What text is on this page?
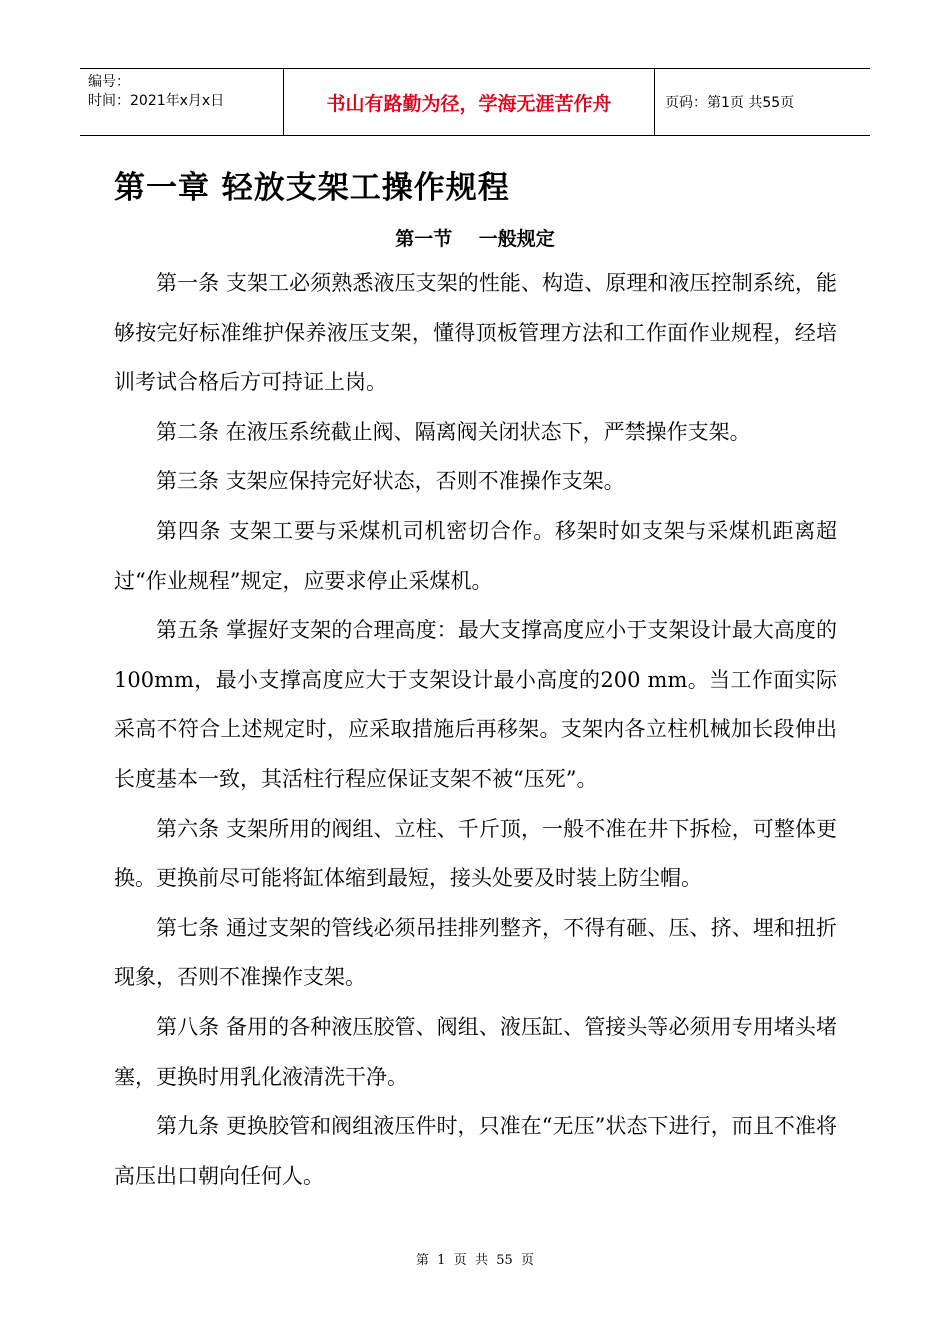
编号：
时间：2021年x月x日	书山有路勤为径，学海无涯苦作舟	页码：第1页 共55页
第一章 轻放支架工操作规程
第一节    一般规定

第一条 支架工必须熟悉液压支架的性能、构造、原理和液压控制系统，能够按完好标准维护保养液压支架，懂得顶板管理方法和工作面作业规程，经培训考试合格后方可持证上岗。

第二条 在液压系统截止阀、隔离阀关闭状态下，严禁操作支架。

第三条 支架应保持完好状态，否则不准操作支架。

第四条 支架工要与采煤机司机密切合作。移架时如支架与采煤机距离超过“作业规程”规定，应要求停止采煤机。

第五条 掌握好支架的合理高度：最大支撑高度应小于支架设计最大高度的100mm，最小支撑高度应大于支架设计最小高度的200 mm。当工作面实际采高不符合上述规定时，应采取措施后再移架。支架内各立柱机械加长段伸出长度基本一致，其活柱行程应保证支架不被“压死”。

第六条 支架所用的阀组、立柱、千斤顶，一般不准在井下拆检，可整体更换。更换前尽可能将缸体缩到最短，接头处要及时装上防尘帽。

第七条 通过支架的管线必须吊挂排列整齐，不得有砸、压、挤、埋和扭折现象，否则不准操作支架。

第八条 备用的各种液压胶管、阀组、液压缸、管接头等必须用专用堵头堵塞，更换时用乳化液清洗干净。

第九条 更换胶管和阀组液压件时，只准在“无压”状态下进行，而且不准将高压出口朝向任何人。

第  1  页  共  55  页
